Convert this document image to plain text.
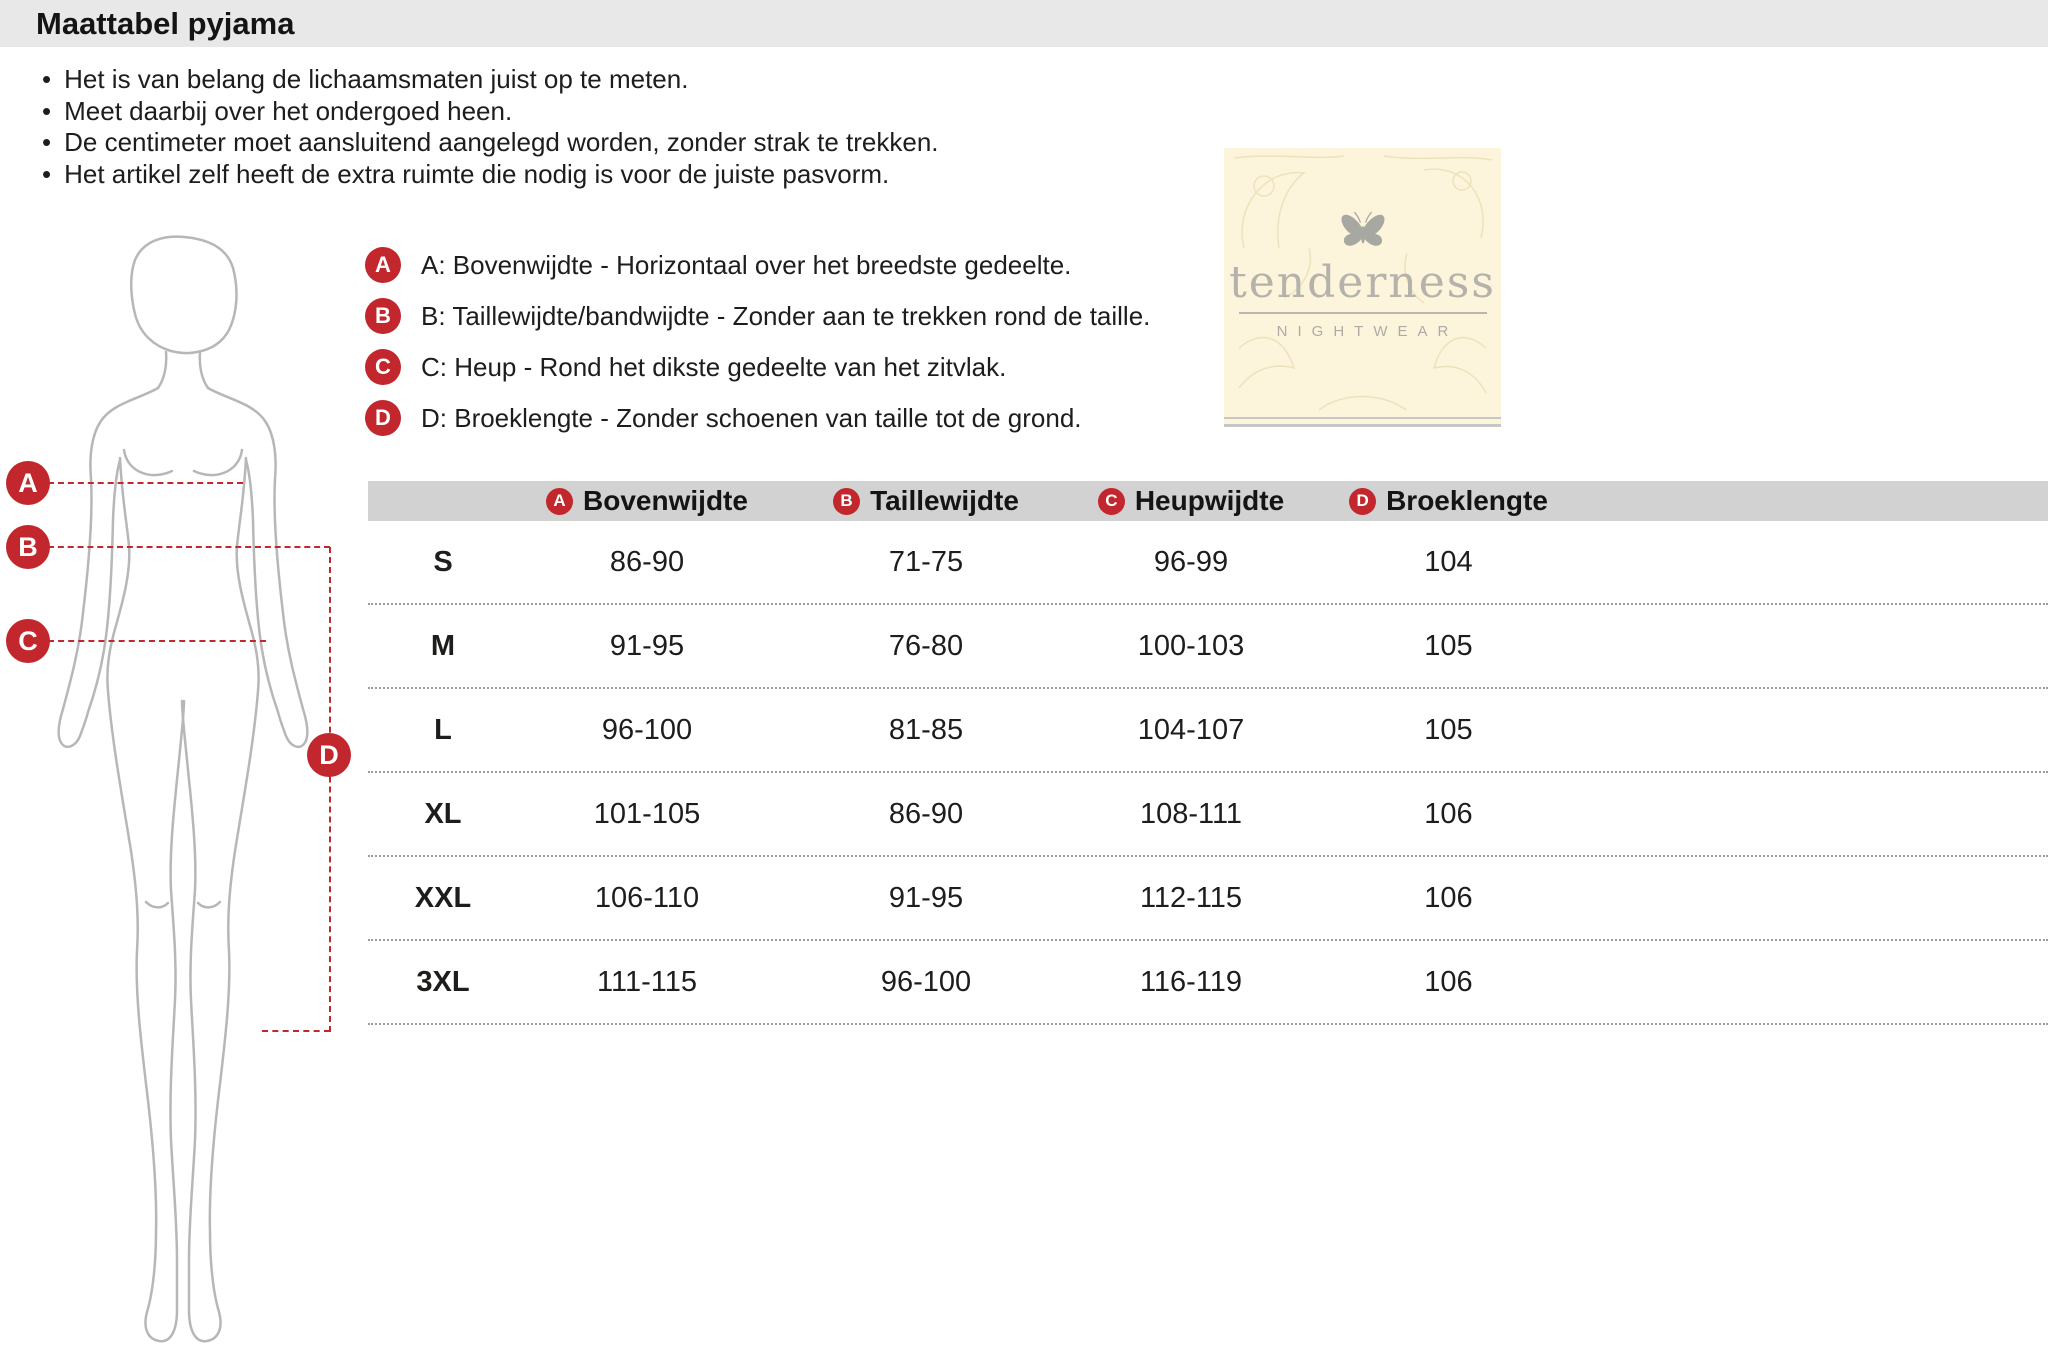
Maattabel pyjama
• Het is van belang de lichaamsmaten juist op te meten.
• Meet daarbij over het ondergoed heen.
• De centimeter moet aansluitend aangelegd worden, zonder strak te trekken.
• Het artikel zelf heeft de extra ruimte die nodig is voor de juiste pasvorm.
A
B
C
D
A	A: Bovenwijdte - Horizontaal over het breedste gedeelte.
B	B: Taillewijdte/bandwijdte - Zonder aan te trekken rond de taille.
C	C: Heup - Rond het dikste gedeelte van het zitvlak.
D	D: Broeklengte - Zonder schoenen van taille tot de grond.
tenderness
NIGHTWEAR
A Bovenwijdte	B Taillewijdte	C Heupwijdte	D Broeklengte
S	86-90	71-75	96-99	104
M	91-95	76-80	100-103	105
L	96-100	81-85	104-107	105
XL	101-105	86-90	108-111	106
XXL	106-110	91-95	112-115	106
3XL	111-115	96-100	116-119	106
